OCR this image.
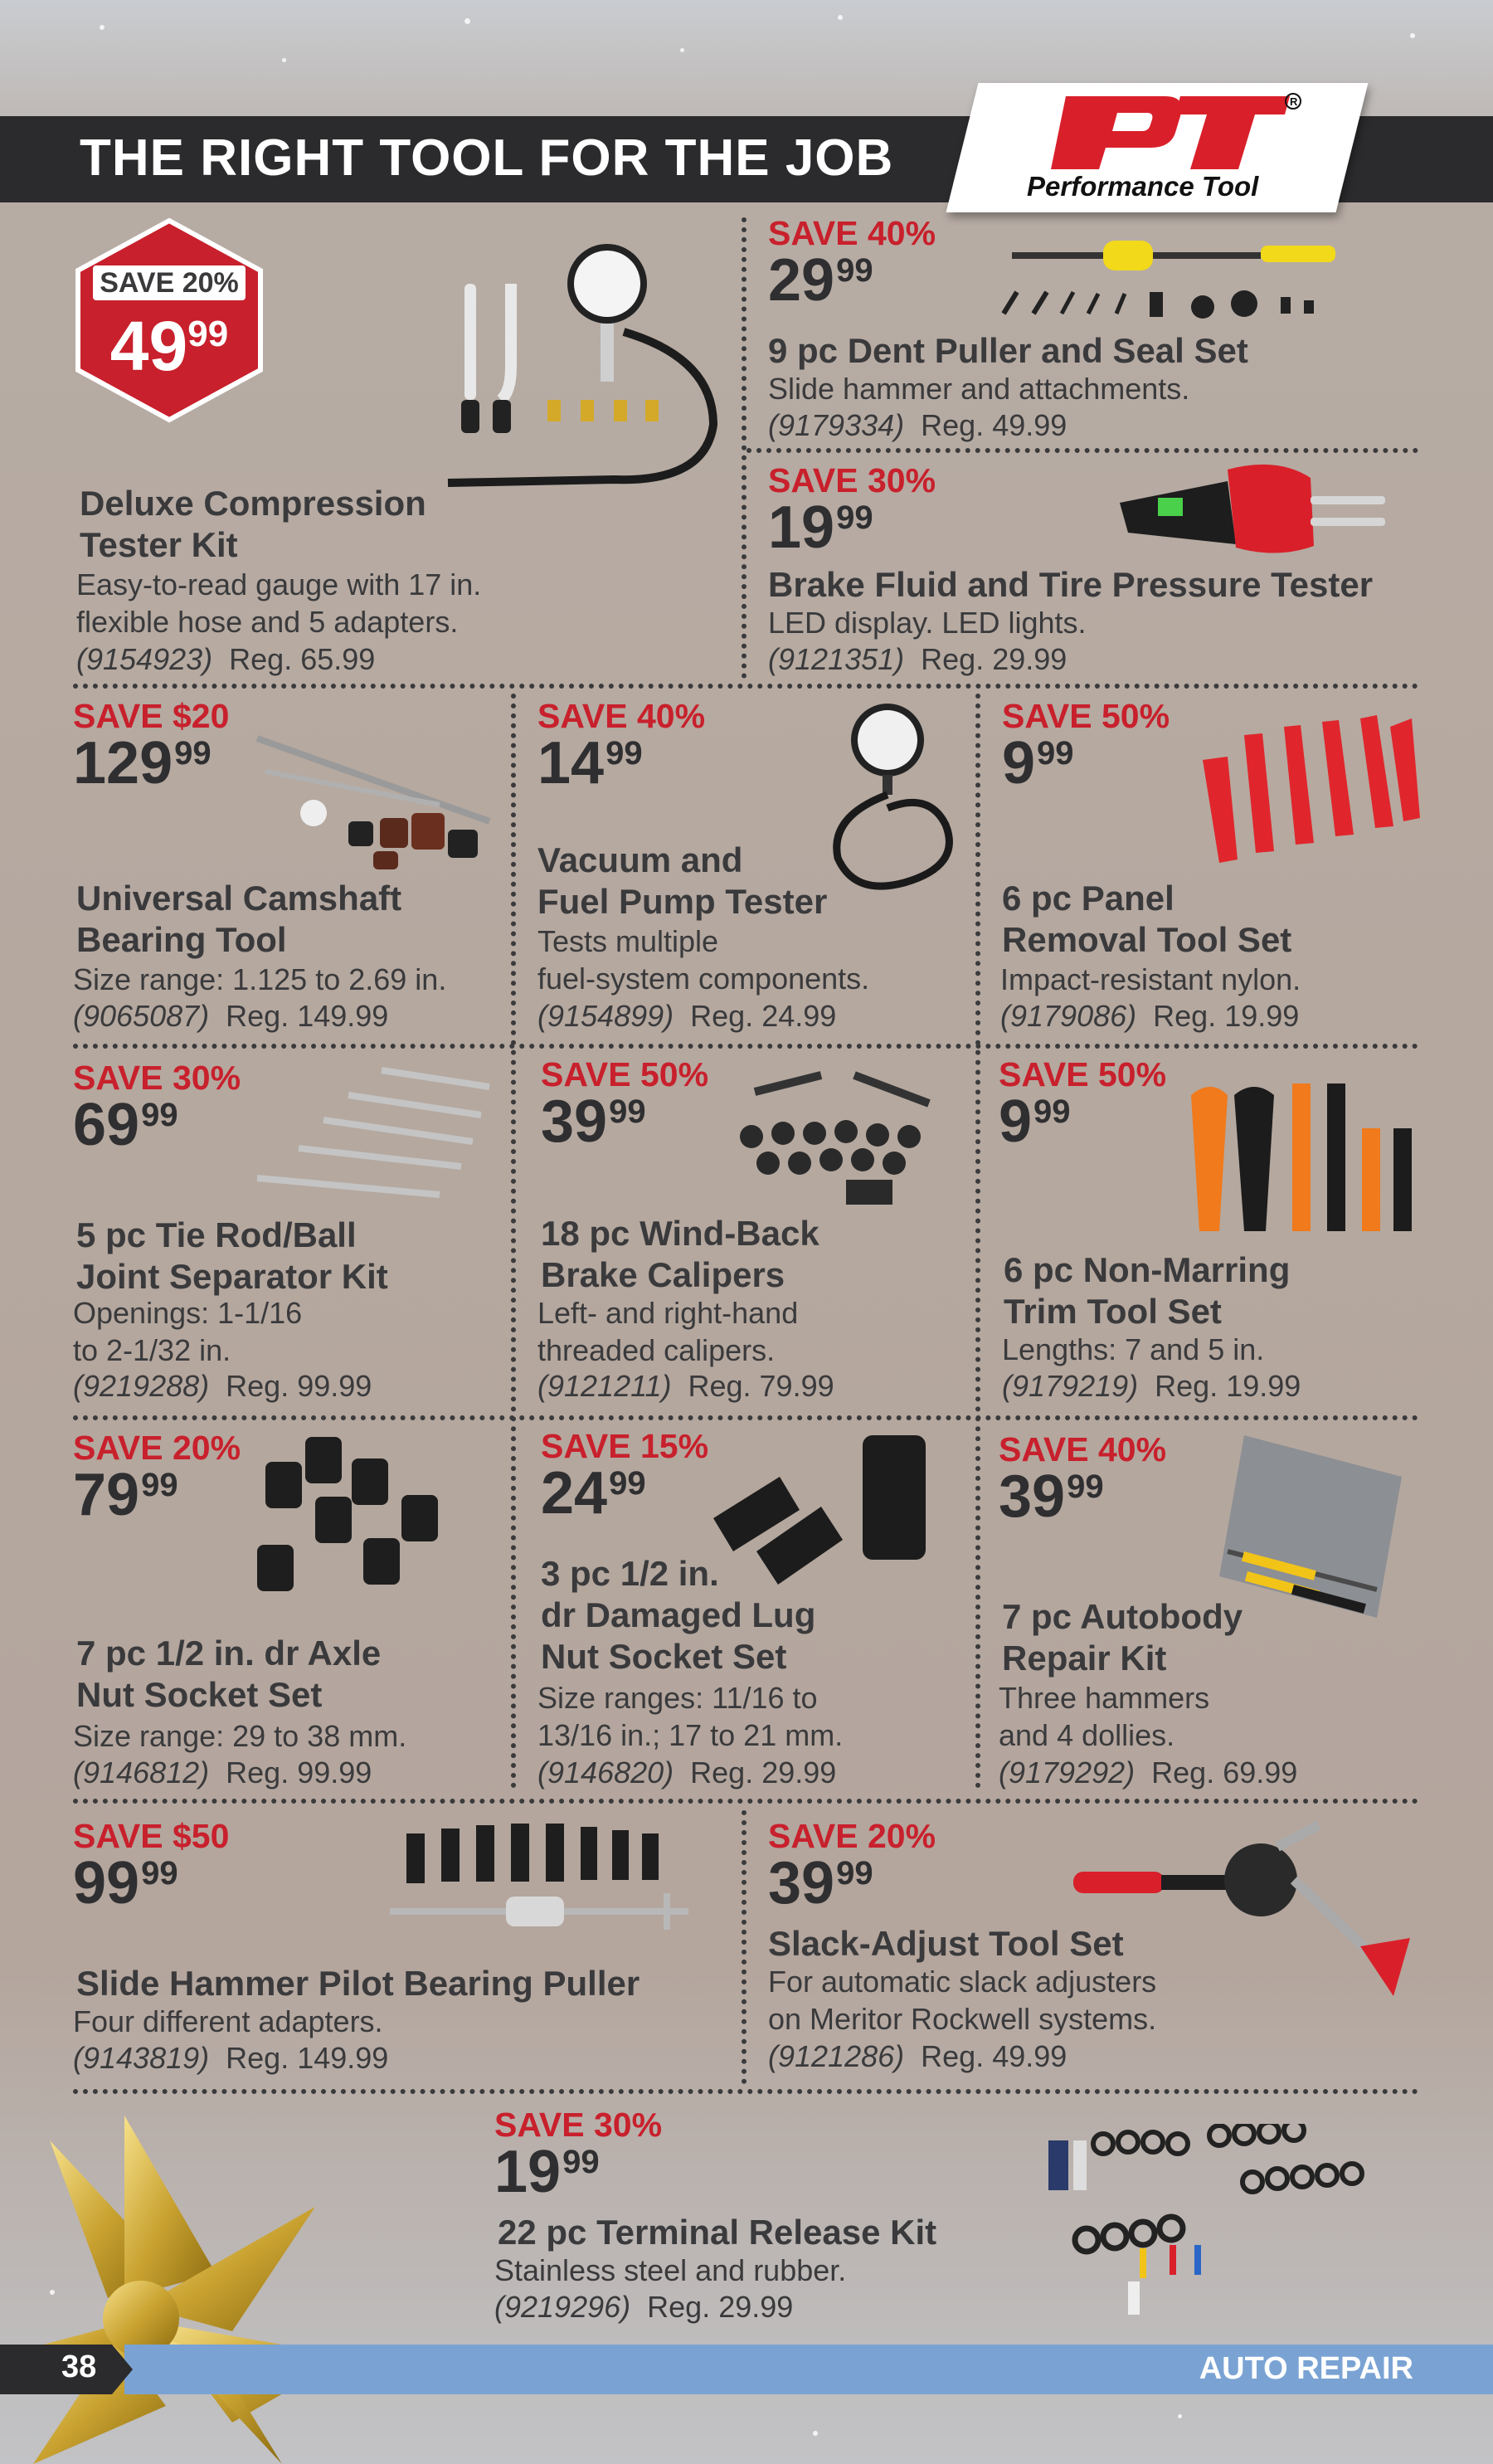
THE RIGHT TOOL FOR THE JOB
R
Performance Tool
SAVE 20%
$49^{99}$
Deluxe Compression
Tester Kit
Easy-to-read gauge with 17 in.
flexible hose and 5 adapters.
(9154923) Reg. 65.99
SAVE 40%
$29^{99}$
9 pc Dent Puller and Seal Set
Slide hammer and attachments.
(9179334) Reg. 49.99
SAVE 30%
$19^{99}$
Brake Fluid and Tire Pressure Tester
LED display. LED lights.
(9121351) Reg. 29.99
SAVE $20
$129^{99}$
Universal Camshaft
Bearing Tool
Size range: 1.125 to 2.69 in.
(9065087) Reg. 149.99
SAVE 40%
$14^{99}$
Vacuum and
Fuel Pump Tester
Tests multiple
fuel-system components.
(9154899) Reg. 24.99
SAVE 50%
$9^{99}$
6 pc Panel
Removal Tool Set
Impact-resistant nylon.
(9179086) Reg. 19.99
SAVE 30%
$69^{99}$
5 pc Tie Rod/Ball
Joint Separator Kit
Openings: 1-1/16
to 2-1/32 in.
(9219288) Reg. 99.99
SAVE 50%
$39^{99}$
18 pc Wind-Back
Brake Calipers
Left- and right-hand
threaded calipers.
(9121211) Reg. 79.99
SAVE 50%
$9^{99}$
6 pc Non-Marring
Trim Tool Set
Lengths: 7 and 5 in.
(9179219) Reg. 19.99
SAVE 20%
$79^{99}$
7 pc 1/2 in. dr Axle
Nut Socket Set
Size range: 29 to 38 mm.
(9146812) Reg. 99.99
SAVE 15%
$24^{99}$
3 pc 1/2 in.
dr Damaged Lug
Nut Socket Set
Size ranges: 11/16 to
13/16 in.; 17 to 21 mm.
(9146820) Reg. 29.99
SAVE 40%
$39^{99}$
7 pc Autobody
Repair Kit
Three hammers
and 4 dollies.
(9179292) Reg. 69.99
SAVE $50
$99^{99}$
Slide Hammer Pilot Bearing Puller
Four different adapters.
(9143819) Reg. 149.99
SAVE 20%
$39^{99}$
Slack-Adjust Tool Set
For automatic slack adjusters
on Meritor Rockwell systems.
(9121286) Reg. 49.99
SAVE 30%
$19^{99}$
22 pc Terminal Release Kit
Stainless steel and rubber.
(9219296) Reg. 29.99
38	AUTO REPAIR
